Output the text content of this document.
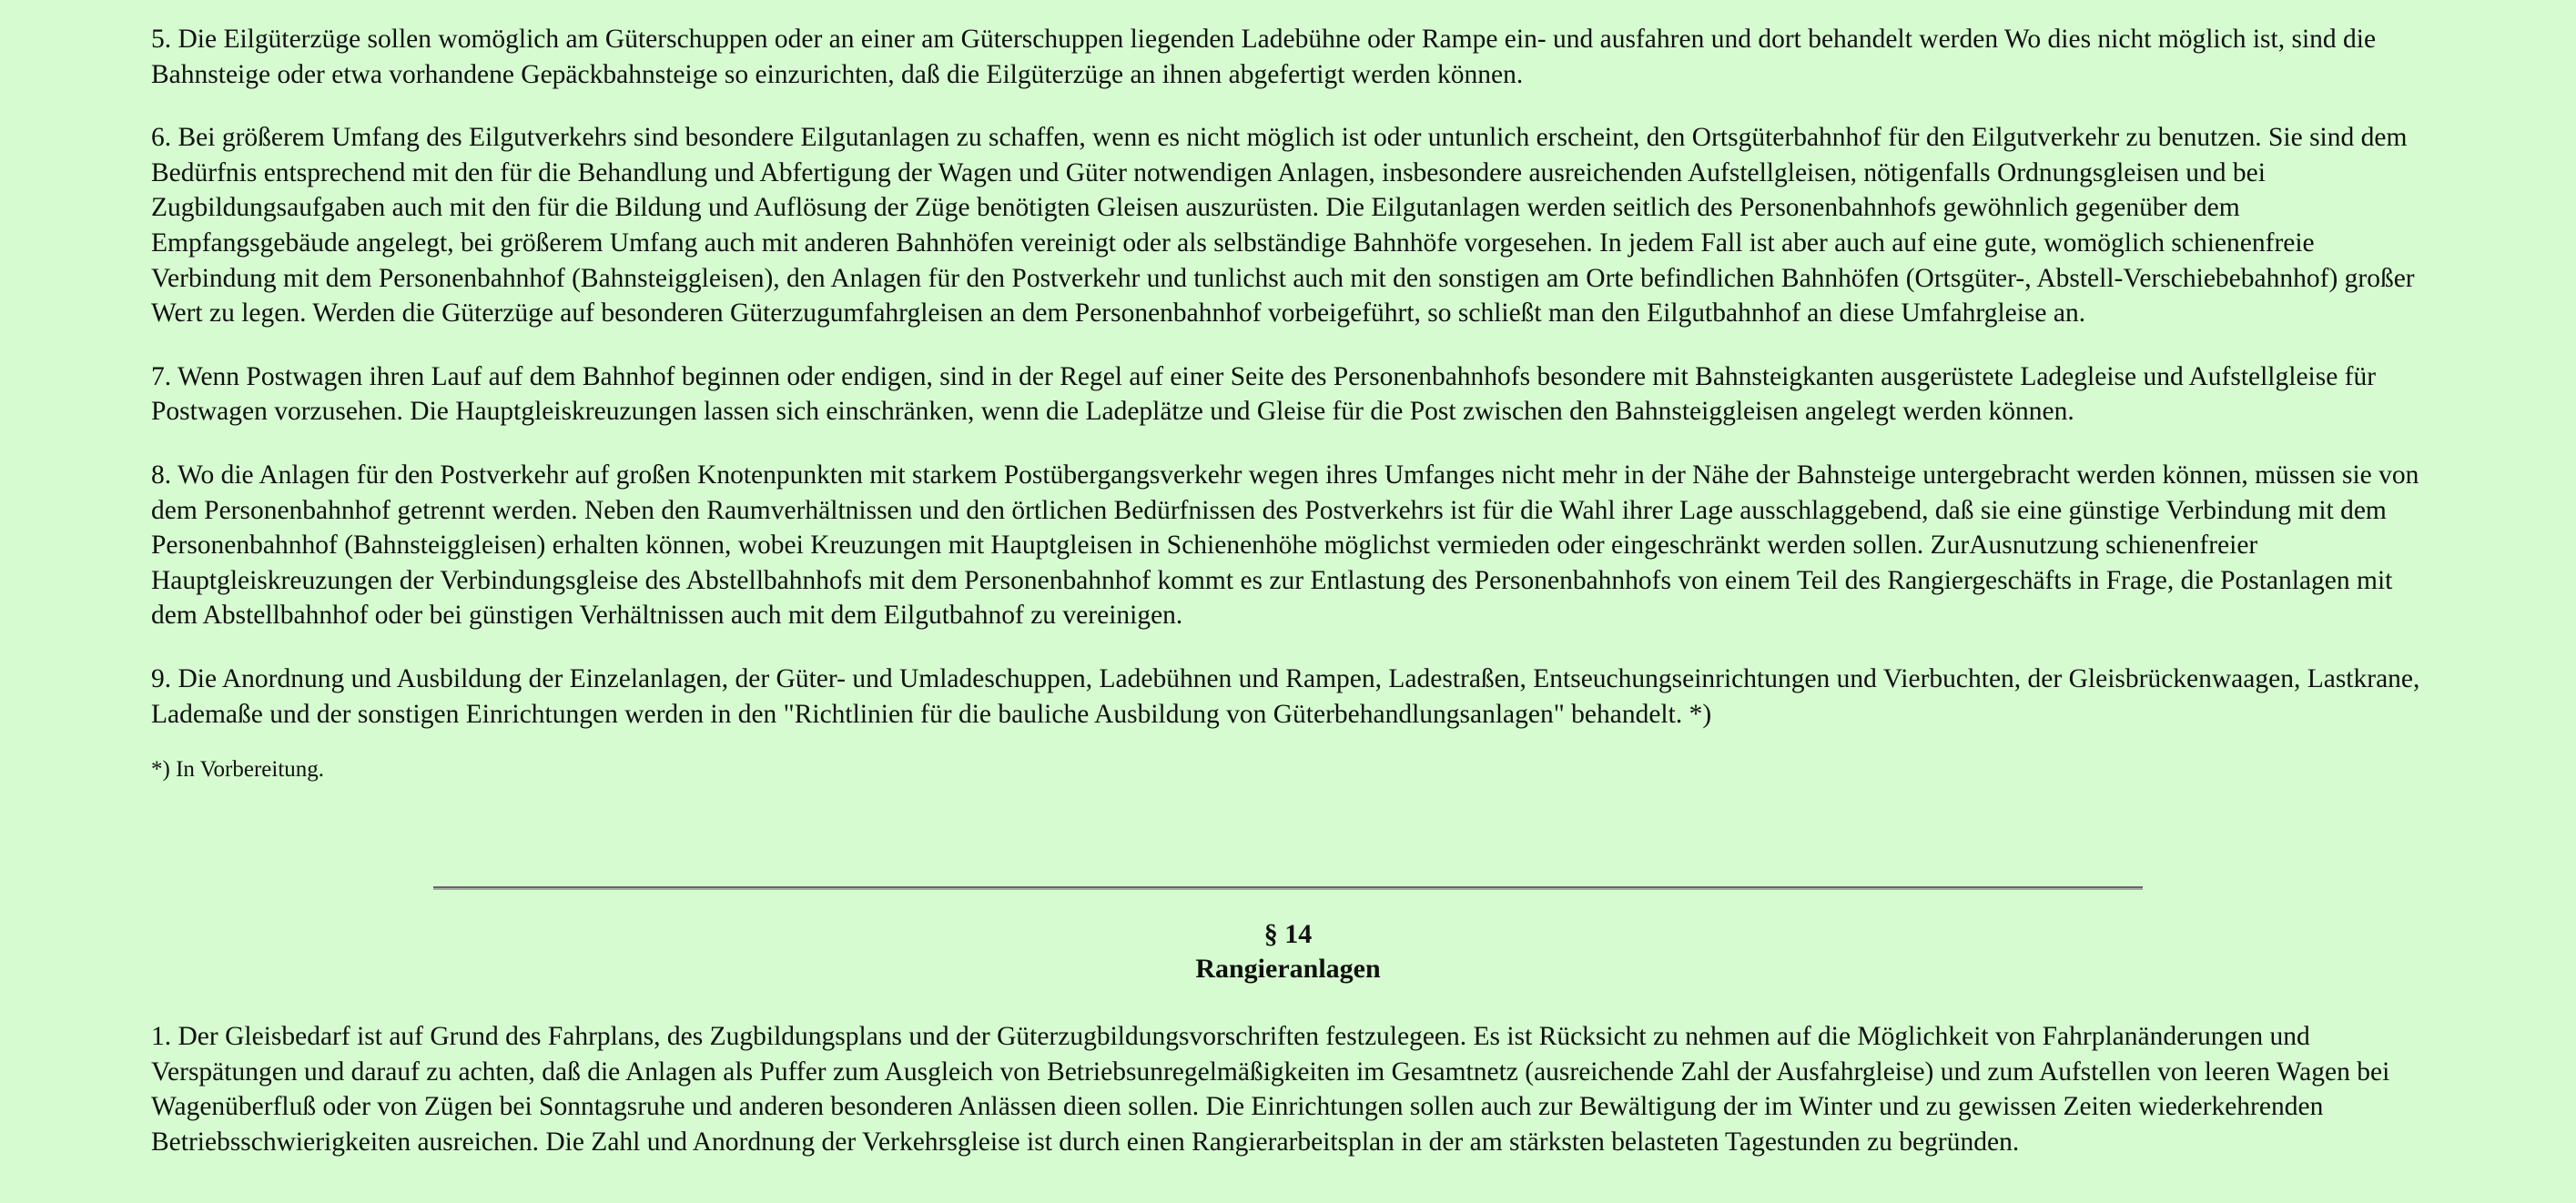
5. Die Eilgüterzüge sollen womöglich am Güterschuppen oder an einer am Güterschuppen liegenden Ladebühne oder Rampe ein- und ausfahren und dort behandelt werden Wo dies nicht möglich ist, sind die Bahnsteige oder etwa vorhandene Gepäckbahnsteige so einzurichten, daß die Eilgüterzüge an ihnen abgefertigt werden können.

6. Bei größerem Umfang des Eilgutverkehrs sind besondere Eilgutanlagen zu schaffen, wenn es nicht möglich ist oder untunlich erscheint, den Ortsgüterbahnhof für den Eilgutverkehr zu benutzen. Sie sind dem Bedürfnis entsprechend mit den für die Behandlung und Abfertigung der Wagen und Güter notwendigen Anlagen, insbesondere ausreichenden Aufstellgleisen, nötigenfalls Ordnungsgleisen und bei Zugbildungsaufgaben auch mit den für die Bildung und Auflösung der Züge benötigten Gleisen auszurüsten. Die Eilgutanlagen werden seitlich des Personenbahnhofs gewöhnlich gegenüber dem Empfangsgebäude angelegt, bei größerem Umfang auch mit anderen Bahnhöfen vereinigt oder als selbständige Bahnhöfe vorgesehen. In jedem Fall ist aber auch auf eine gute, womöglich schienenfreie Verbindung mit dem Personenbahnhof (Bahnsteiggleisen), den Anlagen für den Postverkehr und tunlichst auch mit den sonstigen am Orte befindlichen Bahnhöfen (Ortsgüter-, Abstell-Verschiebebahnhof) großer Wert zu legen. Werden die Güterzüge auf besonderen Güterzugumfahrgleisen an dem Personenbahnhof vorbeigeführt, so schließt man den Eilgutbahnhof an diese Umfahrgleise an.

7. Wenn Postwagen ihren Lauf auf dem Bahnhof beginnen oder endigen, sind in der Regel auf einer Seite des Personenbahnhofs besondere mit Bahnsteigkanten ausgerüstete Ladegleise und Aufstellgleise für Postwagen vorzusehen. Die Hauptgleiskreuzungen lassen sich einschränken, wenn die Ladeplätze und Gleise für die Post zwischen den Bahnsteiggleisen angelegt werden können.

8. Wo die Anlagen für den Postverkehr auf großen Knotenpunkten mit starkem Postübergangsverkehr wegen ihres Umfanges nicht mehr in der Nähe der Bahnsteige untergebracht werden können, müssen sie von dem Personenbahnhof getrennt werden. Neben den Raumverhältnissen und den örtlichen Bedürfnissen des Postverkehrs ist für die Wahl ihrer Lage ausschlaggebend, daß sie eine günstige Verbindung mit dem Personenbahnhof (Bahnsteiggleisen) erhalten können, wobei Kreuzungen mit Hauptgleisen in Schienenhöhe möglichst vermieden oder eingeschränkt werden sollen. ZurAusnutzung schienenfreier Hauptgleiskreuzungen der Verbindungsgleise des Abstellbahnhofs mit dem Personenbahnhof kommt es zur Entlastung des Personenbahnhofs von einem Teil des Rangiergeschäfts in Frage, die Postanlagen mit dem Abstellbahnhof oder bei günstigen Verhältnissen auch mit dem Eilgutbahnof zu vereinigen.

9. Die Anordnung und Ausbildung der Einzelanlagen, der Güter- und Umladeschuppen, Ladebühnen und Rampen, Ladestraßen, Entseuchungseinrichtungen und Vierbuchten, der Gleisbrückenwaagen, Lastkrane, Lademaße und der sonstigen Einrichtungen werden in den "Richtlinien für die bauliche Ausbildung von Güterbehandlungsanlagen" behandelt. *)

*) In Vorbereitung.

§ 14
Rangieranlagen

1. Der Gleisbedarf ist auf Grund des Fahrplans, des Zugbildungsplans und der Güterzugbildungsvorschriften festzulegeen. Es ist Rücksicht zu nehmen auf die Möglichkeit von Fahrplanänderungen und Verspätungen und darauf zu achten, daß die Anlagen als Puffer zum Ausgleich von Betriebsunregelmäßigkeiten im Gesamtnetz (ausreichende Zahl der Ausfahrgleise) und zum Aufstellen von leeren Wagen bei Wagenüberfluß oder von Zügen bei Sonntagsruhe und anderen besonderen Anlässen dieen sollen. Die Einrichtungen sollen auch zur Bewältigung der im Winter und zu gewissen Zeiten wiederkehrenden Betriebsschwierigkeiten ausreichen. Die Zahl und Anordnung der Verkehrsgleise ist durch einen Rangierarbeitsplan in der am stärksten belasteten Tagestunden zu begründen.
